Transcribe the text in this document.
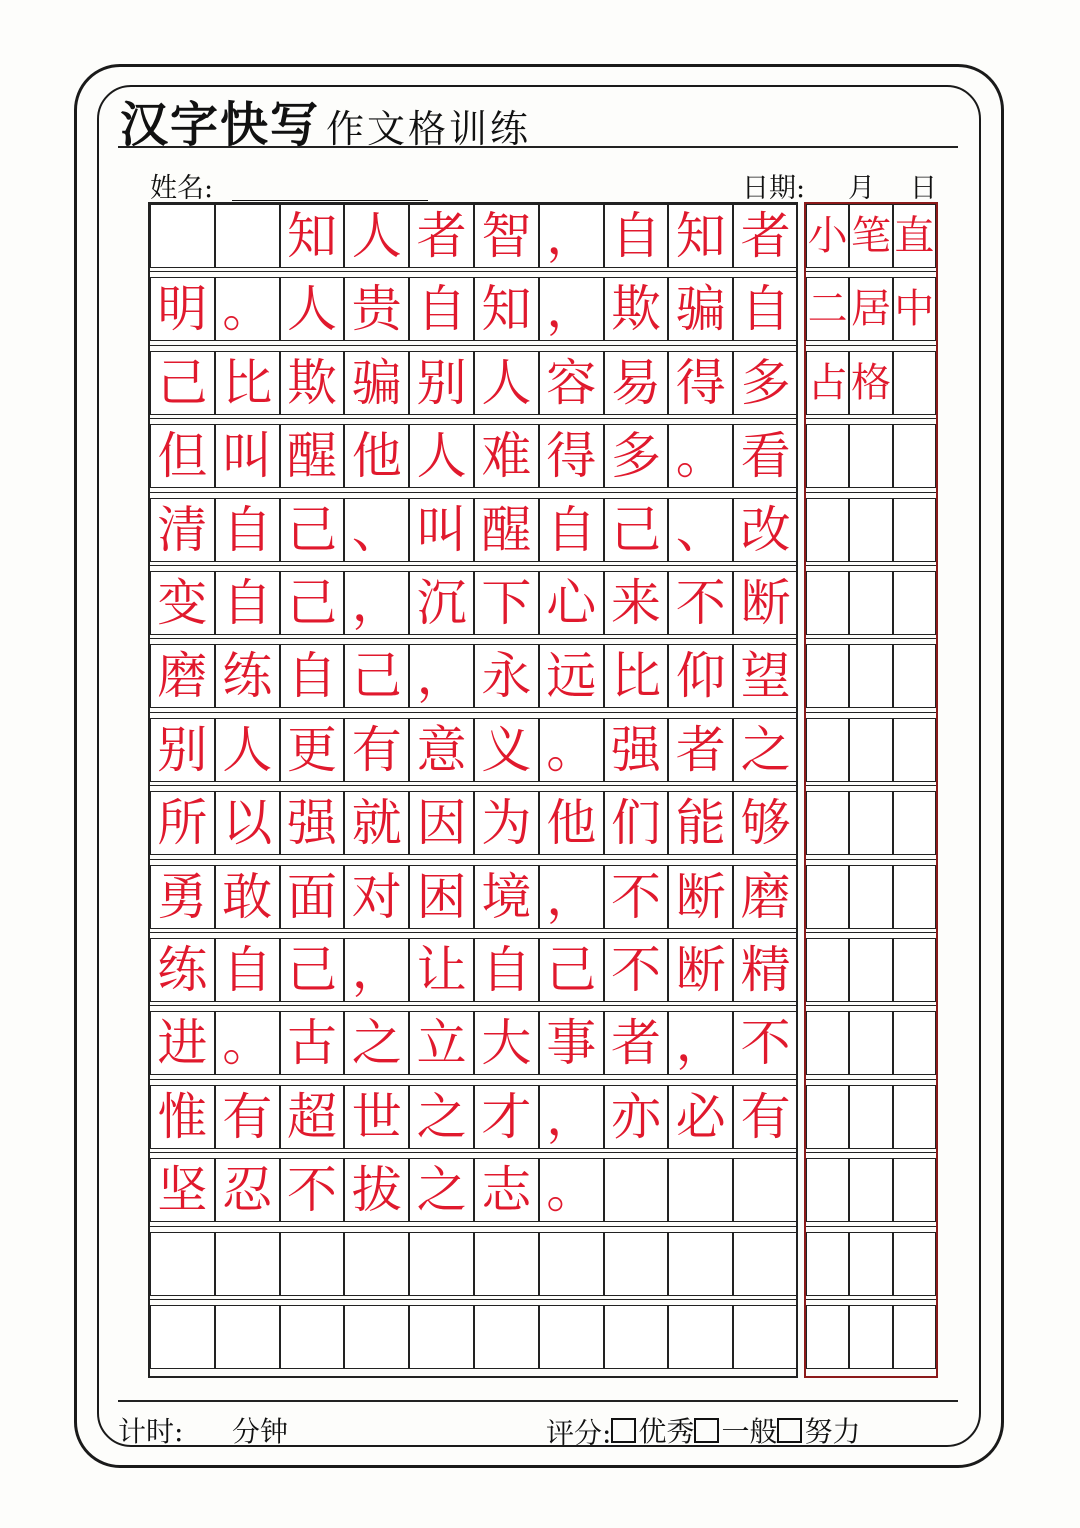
汉字快写 作文格训练
姓名:	日期: 月 日
知 人 者 智 ， 自 知 者
明 。 人 贵 自 知 ， 欺 骗 自
己 比 欺 骗 别 人 容 易 得 多
但 叫 醒 他 人 难 得 多 。 看
清 自 己 、 叫 醒 自 己 、 改
变 自 己 ， 沉 下 心 来 不 断
磨 练 自 己 ， 永 远 比 仰 望
别 人 更 有 意 义 。 强 者 之
所 以 强 就 因 为 他 们 能 够
勇 敢 面 对 困 境 ， 不 断 磨
练 自 己 ， 让 自 己 不 断 精
进 。 古 之 立 大 事 者 ， 不
惟 有 超 世 之 才 ， 亦 必 有
坚 忍 不 拔 之 志 。
小 笔 直
二 居 中
占 格
计时: 分钟	评分: 优秀 一般 努力
